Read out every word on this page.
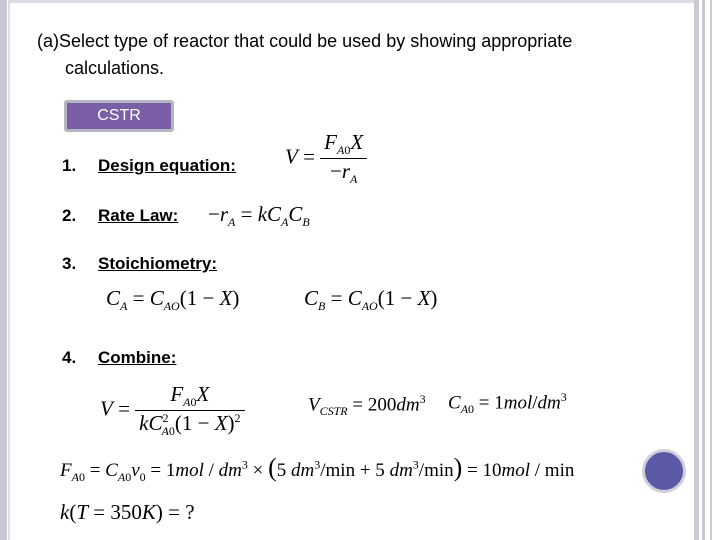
(a)Select type of reactor that could be used by showing appropriate
calculations.
CSTR
1. Design equation:
2. Rate Law:
3. Stoichiometry:
4. Combine:
$V = \frac{F_{A0}X}{-r_A}$
$-r_A = kC_AC_B$
$C_A = C_{AO}(1 - X)$	$C_B = C_{AO}(1 - X)$
$V = \frac{F_{A0}X}{kC^2_{A0}(1 - X)^2}$	$V_{CSTR} = 200dm^3$ $C_{A0} = 1mol/dm^3$
$F_{A0} = C_{A0}v_0 = 1mol / dm^3 \times (5$ $dm^3/\min + 5$ $dm^3/\min) = 10mol / \min$
k(T = 350K) = ?
